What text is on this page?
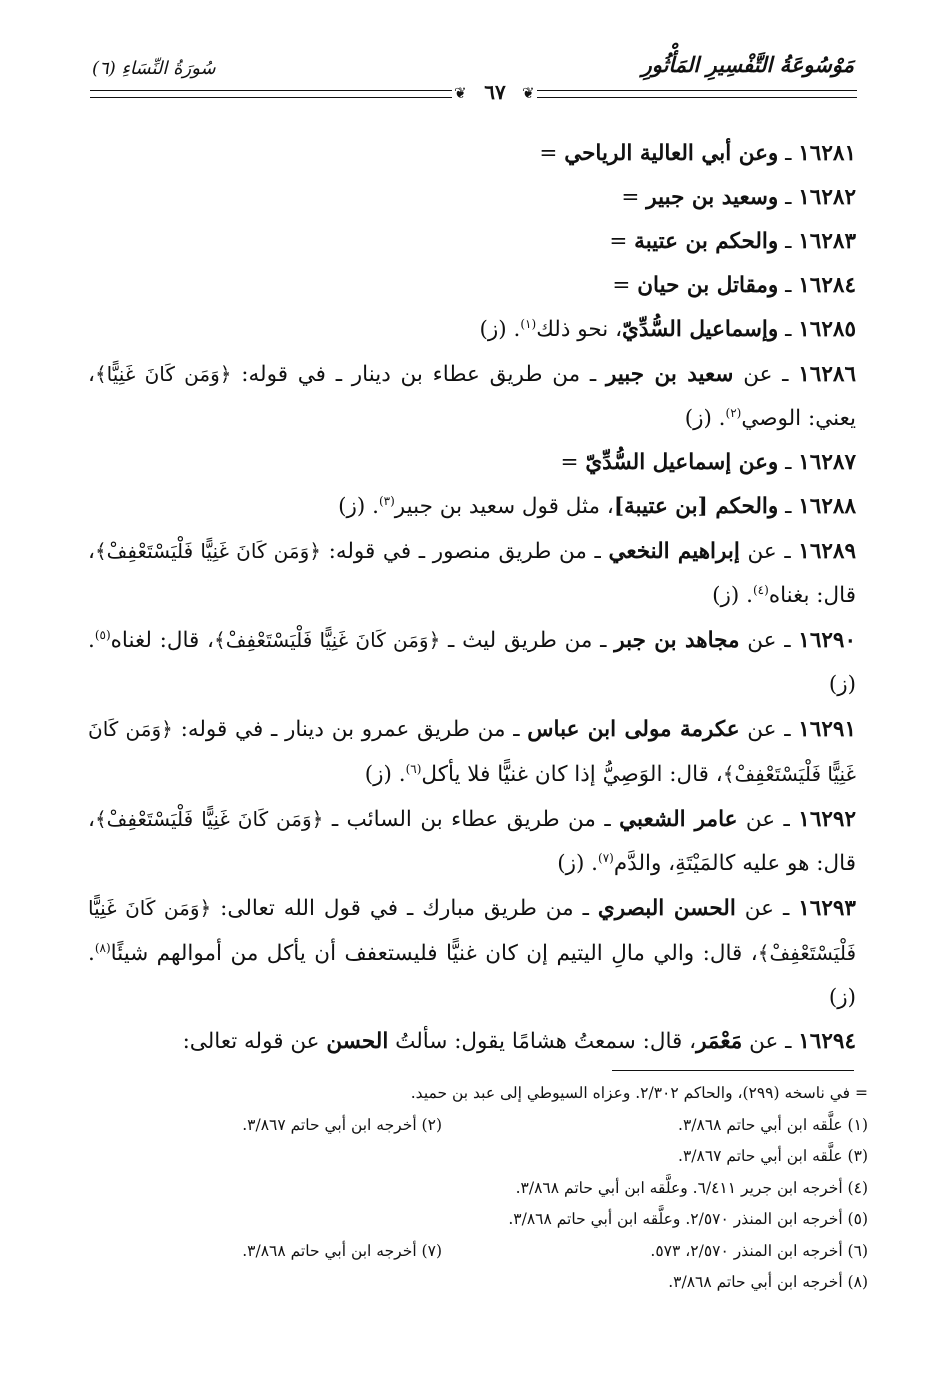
مَوْسُوعَةُ التَّفْسِيرِ المَأْثُورِ
سُورَةُ النِّسَاءِ (٦)
❦	❦
٦٧

١٦٢٨١ ـ وعن أبي العالية الرياحي =

١٦٢٨٢ ـ وسعيد بن جبير =

١٦٢٨٣ ـ والحكم بن عتيبة =

١٦٢٨٤ ـ ومقاتل بن حيان =

١٦٢٨٥ ـ وإسماعيل السُّدِّيّ، نحو ذلك$^{(١)}$. (ز)

١٦٢٨٦ ـ عن سعيد بن جبير ـ من طريق عطاء بن دينار ـ في قوله: ﴿وَمَن كَانَ غَنِيًّا﴾، يعني: الوصي$^{(٢)}$. (ز)

١٦٢٨٧ ـ وعن إسماعيل السُّدِّيّ =

١٦٢٨٨ ـ والحكم [بن عتيبة]، مثل قول سعيد بن جبير$^{(٣)}$. (ز)

١٦٢٨٩ ـ عن إبراهيم النخعي ـ من طريق منصور ـ في قوله: ﴿وَمَن كَانَ غَنِيًّا فَلْيَسْتَعْفِفْ﴾، قال: بغناه$^{(٤)}$. (ز)

١٦٢٩٠ ـ عن مجاهد بن جبر ـ من طريق ليث ـ ﴿وَمَن كَانَ غَنِيًّا فَلْيَسْتَعْفِفْ﴾، قال: لغناه$^{(٥)}$. (ز)

١٦٢٩١ ـ عن عكرمة مولى ابن عباس ـ من طريق عمرو بن دينار ـ في قوله: ﴿وَمَن كَانَ غَنِيًّا فَلْيَسْتَعْفِفْ﴾، قال: الوَصِيُّ إذا كان غنيًّا فلا يأكل$^{(٦)}$. (ز)

١٦٢٩٢ ـ عن عامر الشعبي ـ من طريق عطاء بن السائب ـ ﴿وَمَن كَانَ غَنِيًّا فَلْيَسْتَعْفِفْ﴾، قال: هو عليه كالمَيْتَةِ، والدَّم$^{(٧)}$. (ز)

١٦٢٩٣ ـ عن الحسن البصري ـ من طريق مبارك ـ في قول الله تعالى: ﴿وَمَن كَانَ غَنِيًّا فَلْيَسْتَعْفِفْ﴾، قال: والي مالِ اليتيم إن كان غنيًّا فليستعفف أن يأكل من أموالهم شيئًا$^{(٨)}$. (ز)

١٦٢٩٤ ـ عن مَعْمَر، قال: سمعتُ هشامًا يقول: سألتُ الحسن عن قوله تعالى:

= في ناسخه (٢٩٩)، والحاكم ٢/٣٠٢. وعزاه السيوطي إلى عبد بن حميد.

(١) علَّقه ابن أبي حاتم ٣/٨٦٨.
(٢) أخرجه ابن أبي حاتم ٣/٨٦٧.

(٣) علَّقه ابن أبي حاتم ٣/٨٦٧.

(٤) أخرجه ابن جرير ٦/٤١١. وعلَّقه ابن أبي حاتم ٣/٨٦٨.

(٥) أخرجه ابن المنذر ٢/٥٧٠. وعلَّقه ابن أبي حاتم ٣/٨٦٨.

(٦) أخرجه ابن المنذر ٢/٥٧٠، ٥٧٣.
(٧) أخرجه ابن أبي حاتم ٣/٨٦٨.

(٨) أخرجه ابن أبي حاتم ٣/٨٦٨.
